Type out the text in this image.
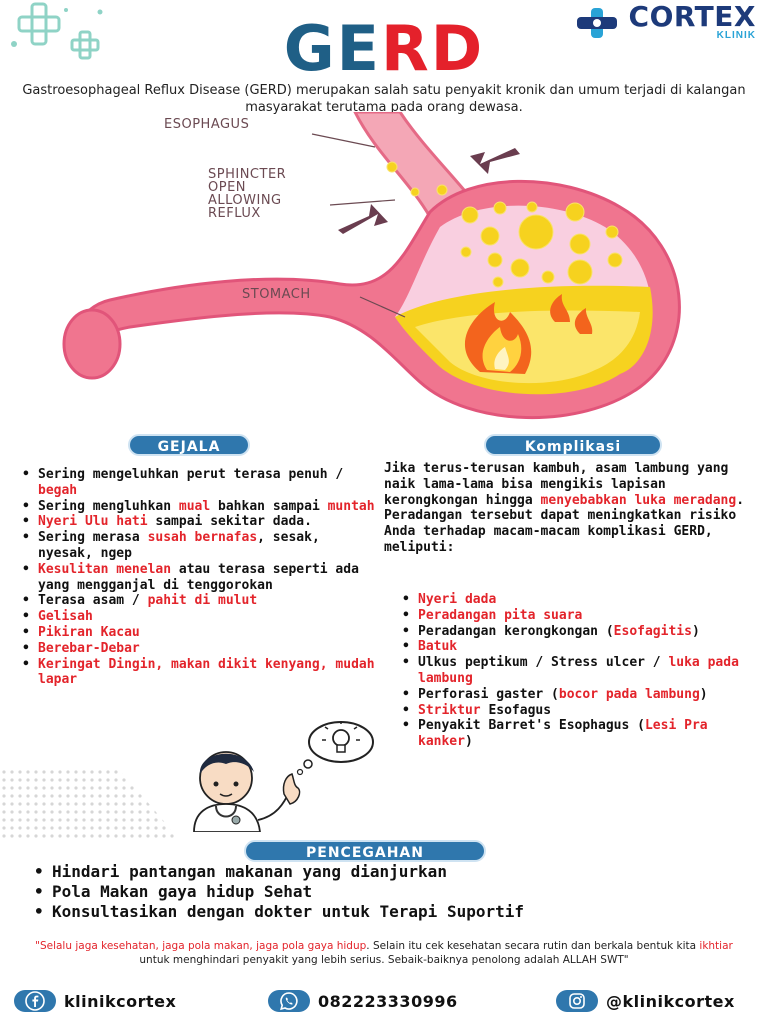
CORTEX
KLINIK
GERD
Gastroesophageal Reflux Disease (GERD) merupakan salah satu penyakit kronik dan umum terjadi di kalangan masyarakat terutama pada orang dewasa.
ESOPHAGUS
SPHINCTER
OPEN
ALLOWING
REFLUX
STOMACH
GEJALA
• Sering mengeluhkan perut terasa penuh / begah
• Sering mengluhkan mual bahkan sampai muntah
• Nyeri Ulu hati sampai sekitar dada.
• Sering merasa susah bernafas, sesak, nyesak, ngep
• Kesulitan menelan atau terasa seperti ada yang mengganjal di tenggorokan
• Terasa asam / pahit di mulut
• Gelisah
• Pikiran Kacau
• Berebar-Debar
• Keringat Dingin, makan dikit kenyang, mudah lapar
Komplikasi
Jika terus-terusan kambuh, asam lambung yang naik lama-lama bisa mengikis lapisan kerongkongan hingga menyebabkan luka meradang. Peradangan tersebut dapat meningkatkan risiko Anda terhadap macam-macam komplikasi GERD, meliputi:
• Nyeri dada
• Peradangan pita suara
• Peradangan kerongkongan (Esofagitis)
• Batuk
• Ulkus peptikum / Stress ulcer / luka pada lambung
• Perforasi gaster (bocor pada lambung)
• Striktur Esofagus
• Penyakit Barret's Esophagus (Lesi Pra kanker)
PENCEGAHAN
• Hindari pantangan makanan yang dianjurkan
• Pola Makan gaya hidup Sehat
• Konsultasikan dengan dokter untuk Terapi Suportif
"Selalu jaga kesehatan, jaga pola makan, jaga pola gaya hidup. Selain itu cek kesehatan secara rutin dan berkala bentuk kita ikhtiar untuk menghindari penyakit yang lebih serius. Sebaik-baiknya penolong adalah ALLAH SWT"
klinikcortex	082223330996	@klinikcortex
